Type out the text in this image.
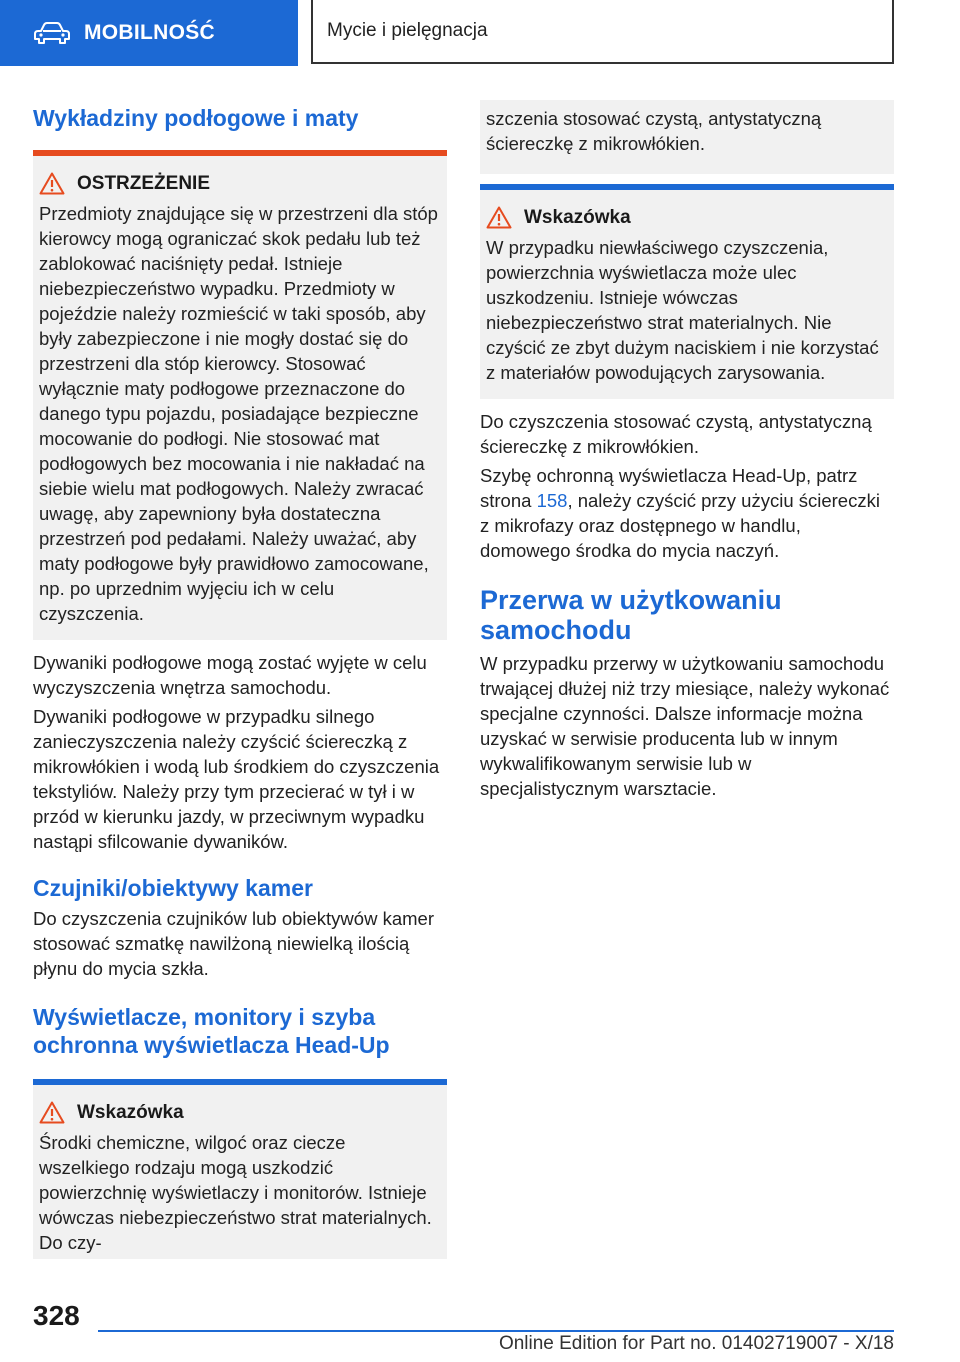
MOBILNOŚĆ	Mycie i pielęgnacja
Wykładziny podłogowe i maty
OSTRZEŻENIE

Przedmioty znajdujące się w przestrzeni dla stóp kierowcy mogą ograniczać skok pedału lub też zablokować naciśnięty pedał. Istnieje niebezpieczeństwo wypadku. Przedmioty w pojeździe należy rozmieścić w taki sposób, aby były zabezpieczone i nie mogły dostać się do przestrzeni dla stóp kierowcy. Stosować wyłącznie maty podłogowe przeznaczone do danego typu pojazdu, posiadające bezpieczne mocowanie do podłogi. Nie stosować mat podłogowych bez mocowania i nie nakładać na siebie wielu mat podłogowych. Należy zwracać uwagę, aby zapewniony była dostateczna przestrzeń pod pedałami. Należy uważać, aby maty podłogowe były prawidłowo zamocowane, np. po uprzednim wyjęciu ich w celu czyszczenia.

Dywaniki podłogowe mogą zostać wyjęte w celu wyczyszczenia wnętrza samochodu.

Dywaniki podłogowe w przypadku silnego zanieczyszczenia należy czyścić ściereczką z mikrowłókien i wodą lub środkiem do czyszczenia tekstyliów. Należy przy tym przecierać w tył i w przód w kierunku jazdy, w przeciwnym wypadku nastąpi sfilcowanie dywaników.

Czujniki/obiektywy kamer

Do czyszczenia czujników lub obiektywów kamer stosować szmatkę nawilżoną niewielką ilością płynu do mycia szkła.

Wyświetlacze, monitory i szyba ochronna wyświetlacza Head-Up
Wskazówka

Środki chemiczne, wilgoć oraz ciecze wszelkiego rodzaju mogą uszkodzić powierzchnię wyświetlaczy i monitorów. Istnieje wówczas niebezpieczeństwo strat materialnych. Do czy-

szczenia stosować czystą, antystatyczną ściereczkę z mikrowłókien.

Wskazówka

W przypadku niewłaściwego czyszczenia, powierzchnia wyświetlacza może ulec uszkodzeniu. Istnieje wówczas niebezpieczeństwo strat materialnych. Nie czyścić ze zbyt dużym naciskiem i nie korzystać z materiałów powodujących zarysowania.

Do czyszczenia stosować czystą, antystatyczną ściereczkę z mikrowłókien.

Szybę ochronną wyświetlacza Head-Up, patrz strona 158, należy czyścić przy użyciu ściereczki z mikrofazy oraz dostępnego w handlu, domowego środka do mycia naczyń.

Przerwa w użytkowaniu samochodu

W przypadku przerwy w użytkowaniu samochodu trwającej dłużej niż trzy miesiące, należy wykonać specjalne czynności. Dalsze informacje można uzyskać w serwisie producenta lub w innym wykwalifikowanym serwisie lub w specjalistycznym warsztacie.

328
Online Edition for Part no. 01402719007 - X/18
